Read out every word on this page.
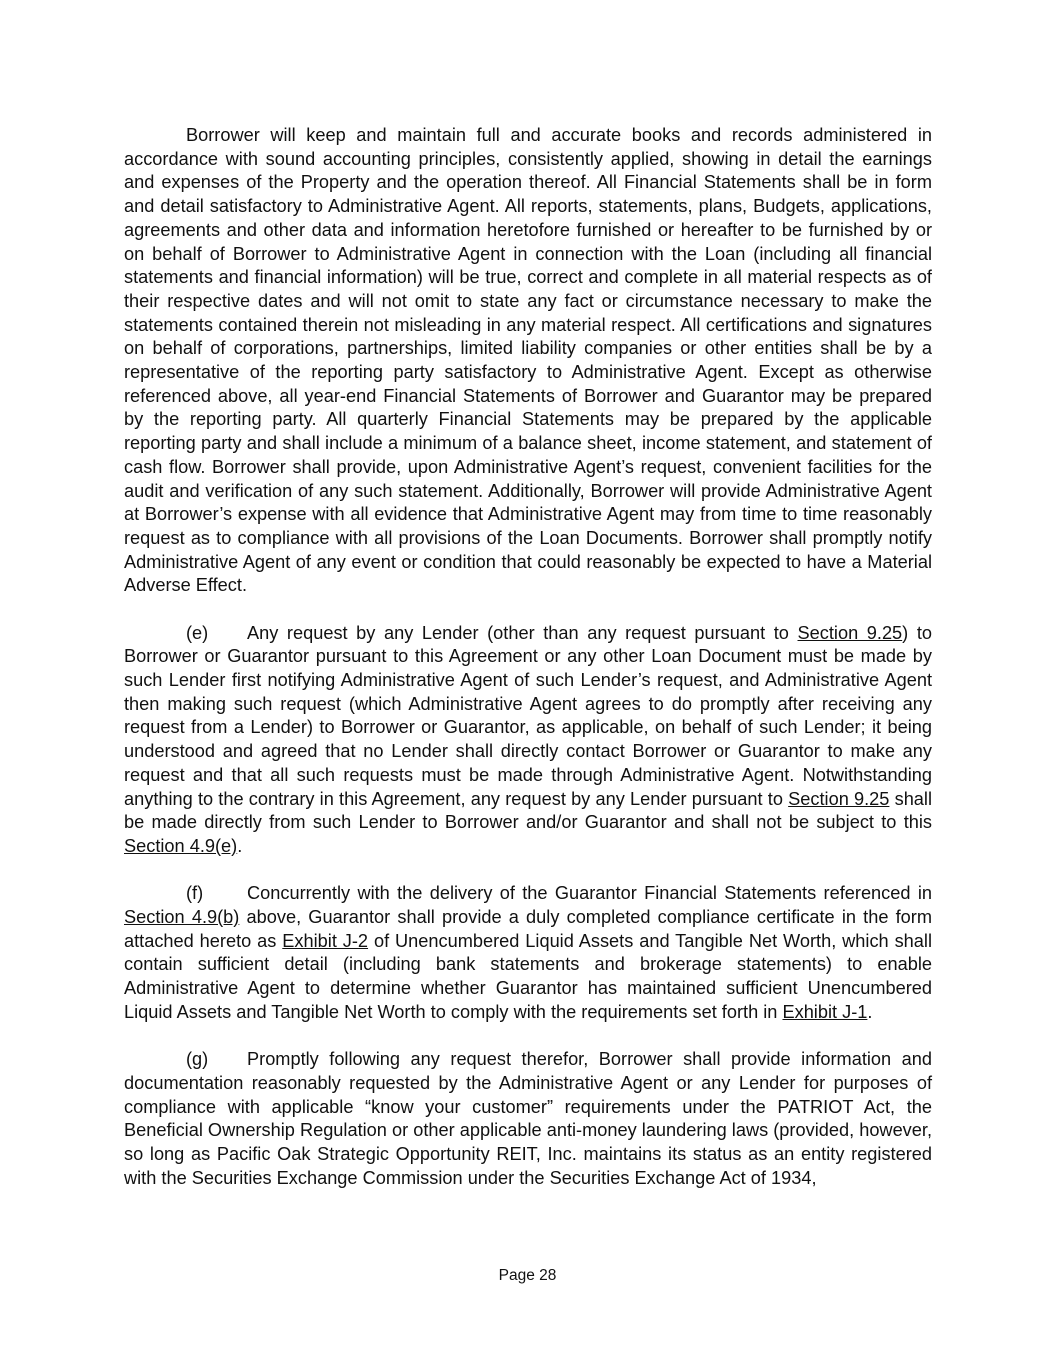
Borrower will keep and maintain full and accurate books and records administered in accordance with sound accounting principles, consistently applied, showing in detail the earnings and expenses of the Property and the operation thereof. All Financial Statements shall be in form and detail satisfactory to Administrative Agent. All reports, statements, plans, Budgets, applications, agreements and other data and information heretofore furnished or hereafter to be furnished by or on behalf of Borrower to Administrative Agent in connection with the Loan (including all financial statements and financial information) will be true, correct and complete in all material respects as of their respective dates and will not omit to state any fact or circumstance necessary to make the statements contained therein not misleading in any material respect. All certifications and signatures on behalf of corporations, partnerships, limited liability companies or other entities shall be by a representative of the reporting party satisfactory to Administrative Agent. Except as otherwise referenced above, all year-end Financial Statements of Borrower and Guarantor may be prepared by the reporting party. All quarterly Financial Statements may be prepared by the applicable reporting party and shall include a minimum of a balance sheet, income statement, and statement of cash flow. Borrower shall provide, upon Administrative Agent’s request, convenient facilities for the audit and verification of any such statement. Additionally, Borrower will provide Administrative Agent at Borrower’s expense with all evidence that Administrative Agent may from time to time reasonably request as to compliance with all provisions of the Loan Documents. Borrower shall promptly notify Administrative Agent of any event or condition that could reasonably be expected to have a Material Adverse Effect.

(e) Any request by any Lender (other than any request pursuant to Section 9.25) to Borrower or Guarantor pursuant to this Agreement or any other Loan Document must be made by such Lender first notifying Administrative Agent of such Lender’s request, and Administrative Agent then making such request (which Administrative Agent agrees to do promptly after receiving any request from a Lender) to Borrower or Guarantor, as applicable, on behalf of such Lender; it being understood and agreed that no Lender shall directly contact Borrower or Guarantor to make any request and that all such requests must be made through Administrative Agent. Notwithstanding anything to the contrary in this Agreement, any request by any Lender pursuant to Section 9.25 shall be made directly from such Lender to Borrower and/or Guarantor and shall not be subject to this Section 4.9(e).

(f) Concurrently with the delivery of the Guarantor Financial Statements referenced in Section 4.9(b) above, Guarantor shall provide a duly completed compliance certificate in the form attached hereto as Exhibit J-2 of Unencumbered Liquid Assets and Tangible Net Worth, which shall contain sufficient detail (including bank statements and brokerage statements) to enable Administrative Agent to determine whether Guarantor has maintained sufficient Unencumbered Liquid Assets and Tangible Net Worth to comply with the requirements set forth in Exhibit J-1.

(g) Promptly following any request therefor, Borrower shall provide information and documentation reasonably requested by the Administrative Agent or any Lender for purposes of compliance with applicable “know your customer” requirements under the PATRIOT Act, the Beneficial Ownership Regulation or other applicable anti-money laundering laws (provided, however, so long as Pacific Oak Strategic Opportunity REIT, Inc. maintains its status as an entity registered with the Securities Exchange Commission under the Securities Exchange Act of 1934,

Page 28
